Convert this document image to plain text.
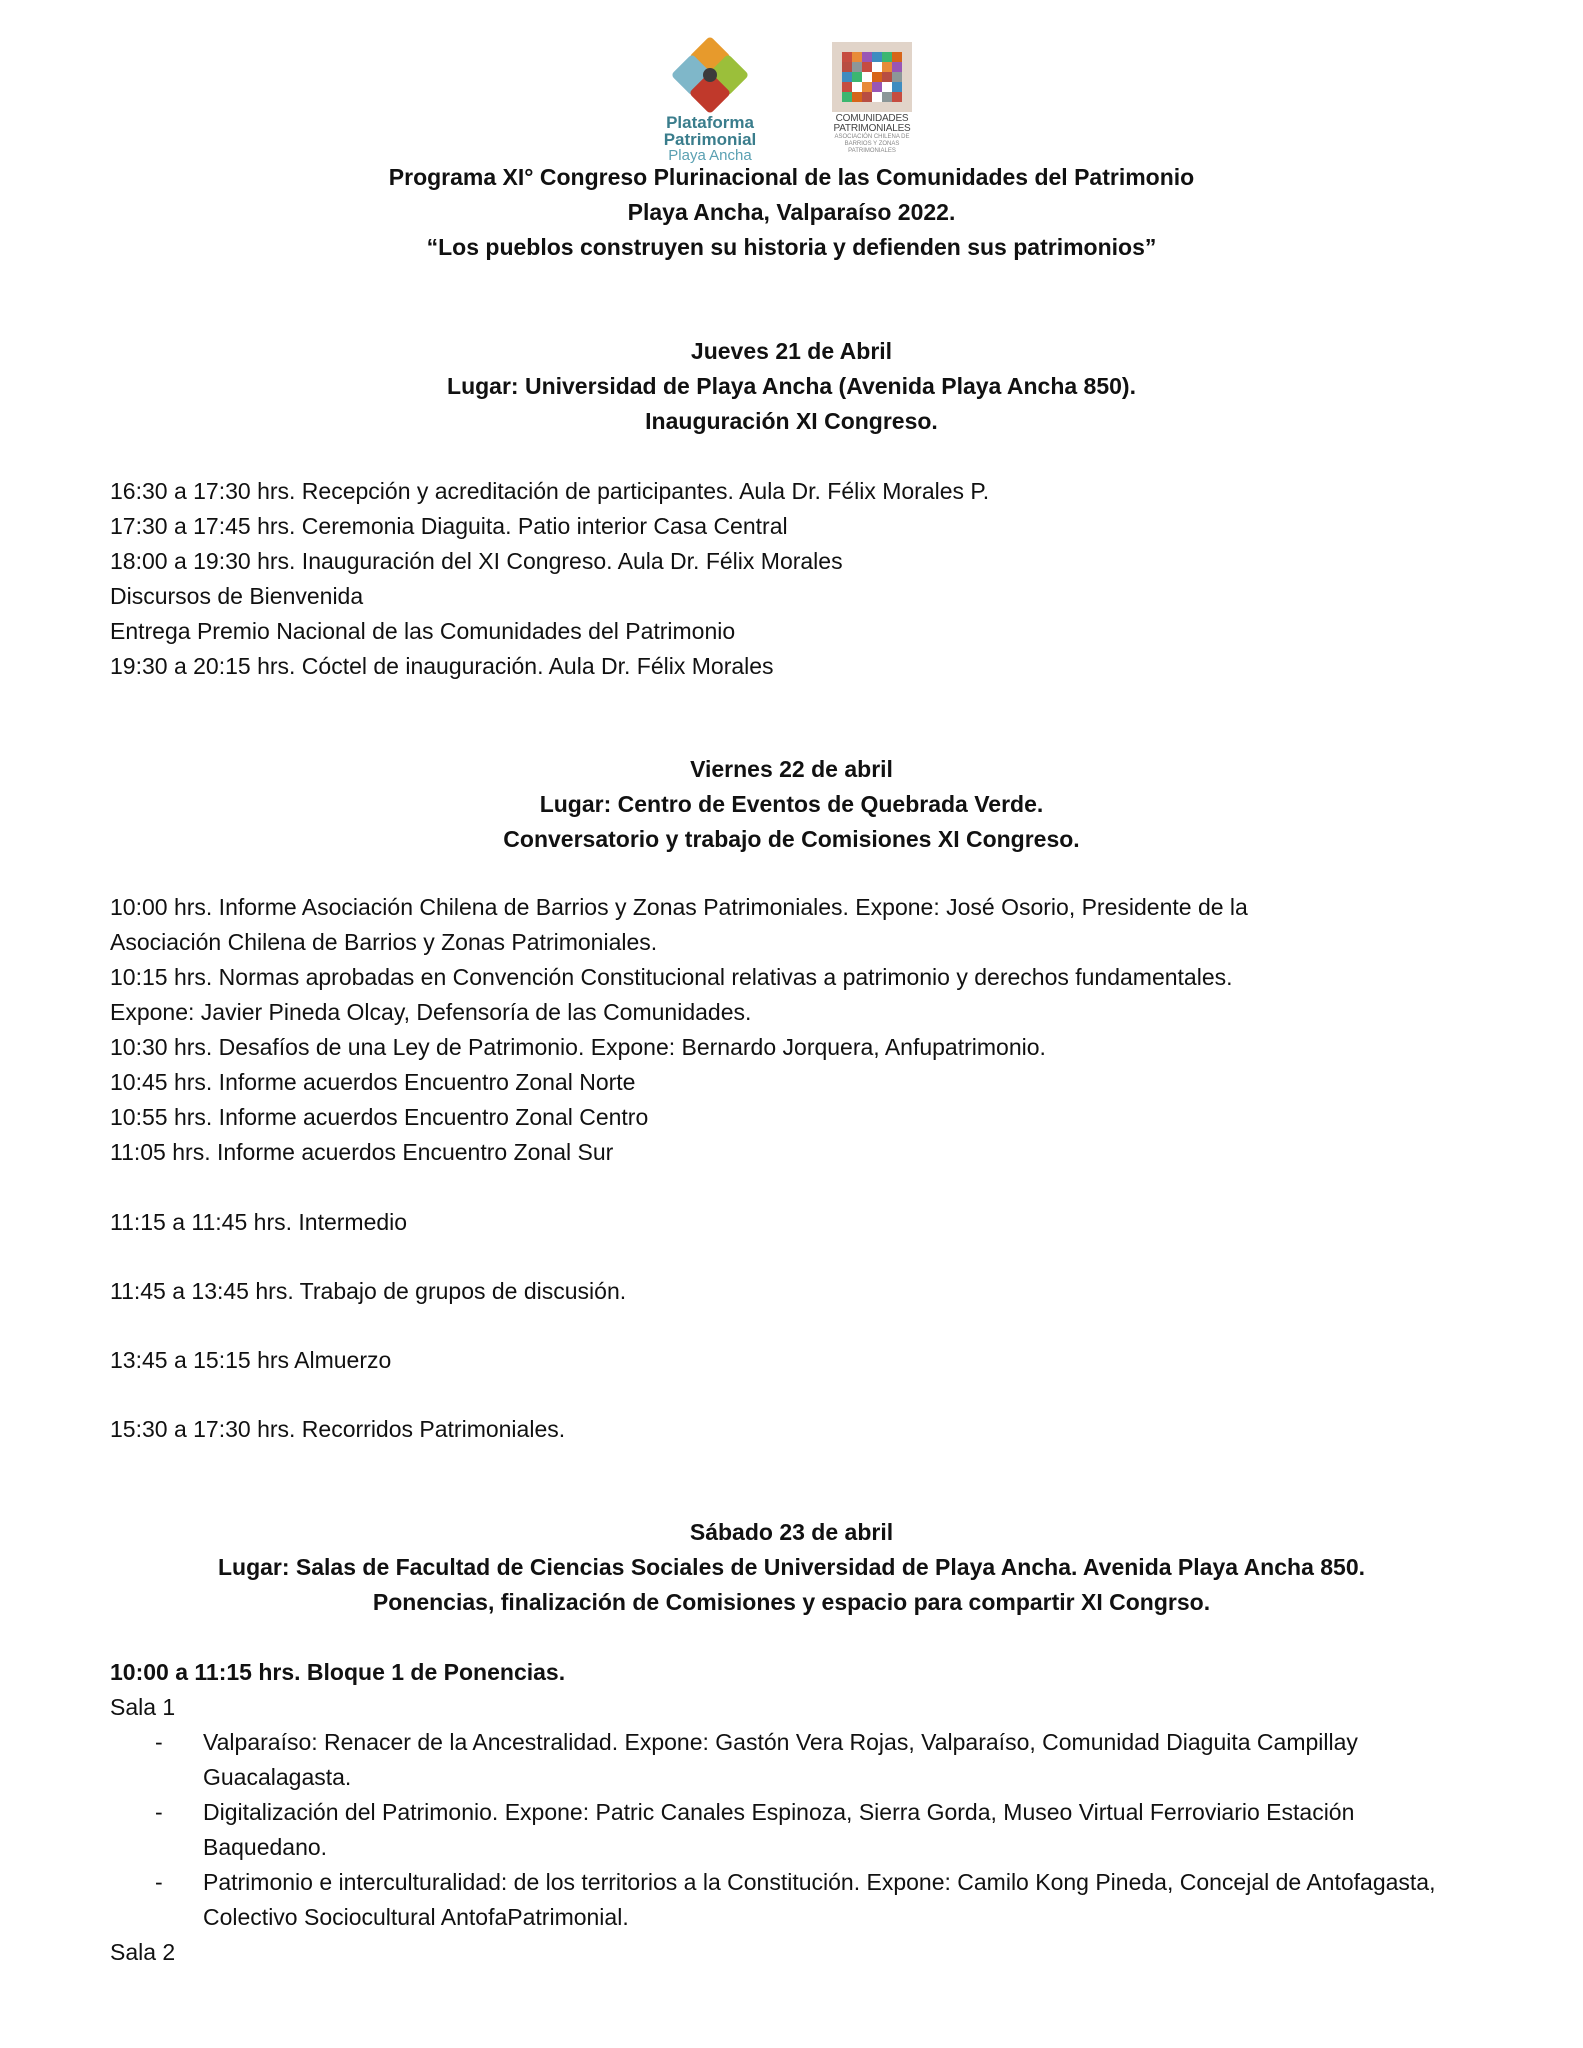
Plataforma
Patrimonial
Playa Ancha
COMUNIDADES
PATRIMONIALES
ASOCIACIÓN CHILENA DE BARRIOS Y ZONAS PATRIMONIALES
Programa XI° Congreso Plurinacional de las Comunidades del Patrimonio
Playa Ancha, Valparaíso 2022.
“Los pueblos construyen su historia y defienden sus patrimonios”
Jueves 21 de Abril
Lugar: Universidad de Playa Ancha (Avenida Playa Ancha 850).
Inauguración XI Congreso.
16:30 a 17:30 hrs. Recepción y acreditación de participantes. Aula Dr. Félix Morales P.
17:30 a 17:45 hrs. Ceremonia Diaguita. Patio interior Casa Central
18:00 a 19:30 hrs. Inauguración del XI Congreso. Aula Dr. Félix Morales
Discursos de Bienvenida
Entrega Premio Nacional de las Comunidades del Patrimonio
19:30 a 20:15 hrs. Cóctel de inauguración. Aula Dr. Félix Morales
Viernes 22 de abril
Lugar: Centro de Eventos de Quebrada Verde.
Conversatorio y trabajo de Comisiones XI Congreso.
10:00 hrs. Informe Asociación Chilena de Barrios y Zonas Patrimoniales. Expone: José Osorio, Presidente de la
Asociación Chilena de Barrios y Zonas Patrimoniales.
10:15 hrs. Normas aprobadas en Convención Constitucional relativas a patrimonio y derechos fundamentales.
Expone: Javier Pineda Olcay, Defensoría de las Comunidades.
10:30 hrs. Desafíos de una Ley de Patrimonio. Expone: Bernardo Jorquera, Anfupatrimonio.
10:45 hrs. Informe acuerdos Encuentro Zonal Norte
10:55 hrs. Informe acuerdos Encuentro Zonal Centro
11:05 hrs. Informe acuerdos Encuentro Zonal Sur
11:15 a 11:45 hrs. Intermedio
11:45 a 13:45 hrs. Trabajo de grupos de discusión.
13:45 a 15:15 hrs Almuerzo
15:30 a 17:30 hrs. Recorridos Patrimoniales.
Sábado 23 de abril
Lugar: Salas de Facultad de Ciencias Sociales de Universidad de Playa Ancha. Avenida Playa Ancha 850.
Ponencias, finalización de Comisiones y espacio para compartir XI Congrso.
10:00 a 11:15 hrs. Bloque 1 de Ponencias.
Sala 1
- Valparaíso: Renacer de la Ancestralidad. Expone: Gastón Vera Rojas, Valparaíso, Comunidad Diaguita Campillay Guacalagasta.
- Digitalización del Patrimonio. Expone: Patric Canales Espinoza, Sierra Gorda, Museo Virtual Ferroviario Estación Baquedano.
- Patrimonio e interculturalidad: de los territorios a la Constitución. Expone: Camilo Kong Pineda, Concejal de Antofagasta, Colectivo Sociocultural AntofaPatrimonial.
Sala 2
